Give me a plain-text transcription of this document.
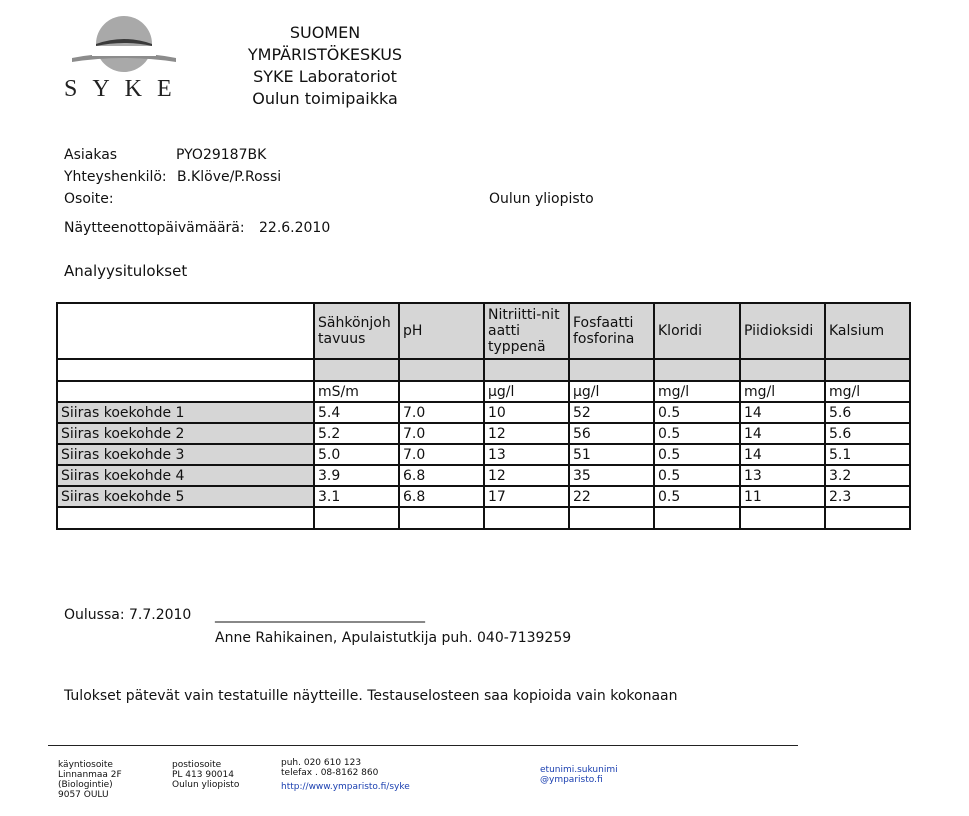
SYKE
SUOMEN
YMPÄRISTÖKESKUS
SYKE Laboratoriot
Oulun toimipaikka
Asiakas	PYO29187BK
Yhteyshenkilö: B.Klöve/P.Rossi
Osoite:	Oulun yliopisto
Näytteenottopäivämäärä: 22.6.2010
Analyysitulokset
	Sähkönjoh tavuus	pH	Nitriitti-nit aatti typpenä	Fosfaatti fosforina	Kloridi	Piidioksidi	Kalsium

	mS/m		µg/l	µg/l	mg/l	mg/l	mg/l
Siiras koekohde 1	5.4	7.0	10	52	0.5	14	5.6
Siiras koekohde 2	5.2	7.0	12	56	0.5	14	5.6
Siiras koekohde 3	5.0	7.0	13	51	0.5	14	5.1
Siiras koekohde 4	3.9	6.8	12	35	0.5	13	3.2
Siiras koekohde 5	3.1	6.8	17	22	0.5	11	2.3

Oulussa: 7.7.2010 ______________________________
Anne Rahikainen, Apulaistutkija puh. 040-7139259
Tulokset pätevät vain testatuille näytteille. Testauselosteen saa kopioida vain kokonaan
käyntiosoite
Linnanmaa 2F
(Biologintie)
9057 OULU
postiosoite
PL 413 90014
Oulun yliopisto
puh. 020 610 123
telefax . 08-8162 860
http://www.ymparisto.fi/syke
etunimi.sukunimi
@ymparisto.fi
